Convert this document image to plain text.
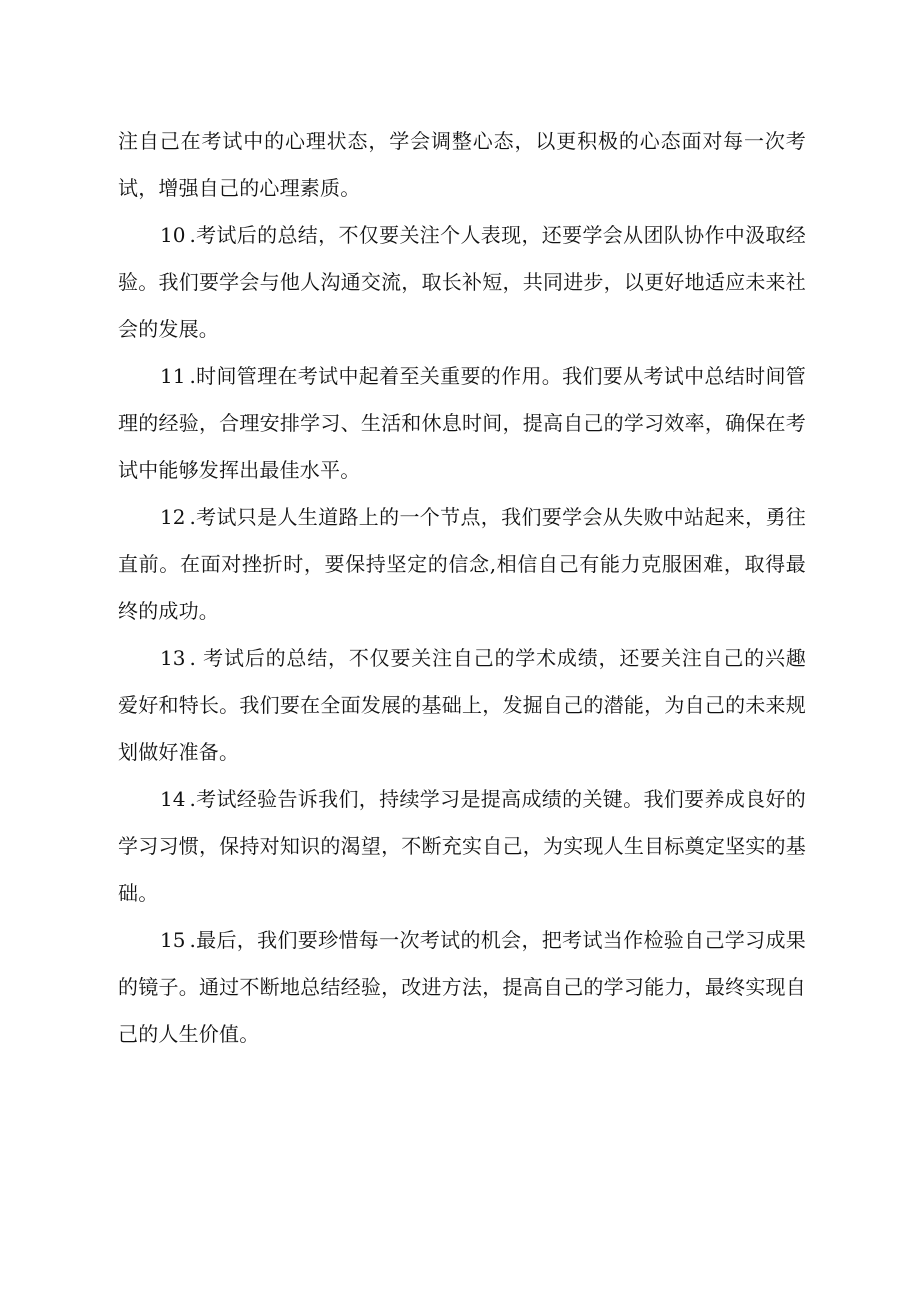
注自己在考试中的心理状态，学会调整心态，以更积极的心态面对每一次考试，增强自己的心理素质。

10 .考试后的总结，不仅要关注个人表现，还要学会从团队协作中汲取经验。我们要学会与他人沟通交流，取长补短，共同进步，以更好地适应未来社会的发展。

11 .时间管理在考试中起着至关重要的作用。我们要从考试中总结时间管理的经验，合理安排学习、生活和休息时间，提高自己的学习效率，确保在考试中能够发挥出最佳水平。

12 .考试只是人生道路上的一个节点，我们要学会从失败中站起来，勇往直前。在面对挫折时，要保持坚定的信念,相信自己有能力克服困难，取得最终的成功。

13 . 考试后的总结，不仅要关注自己的学术成绩，还要关注自己的兴趣爱好和特长。我们要在全面发展的基础上，发掘自己的潜能，为自己的未来规划做好准备。

14 .考试经验告诉我们，持续学习是提高成绩的关键。我们要养成良好的学习习惯，保持对知识的渴望，不断充实自己，为实现人生目标奠定坚实的基础。

15 .最后，我们要珍惜每一次考试的机会，把考试当作检验自己学习成果的镜子。通过不断地总结经验，改进方法，提高自己的学习能力，最终实现自己的人生价值。
